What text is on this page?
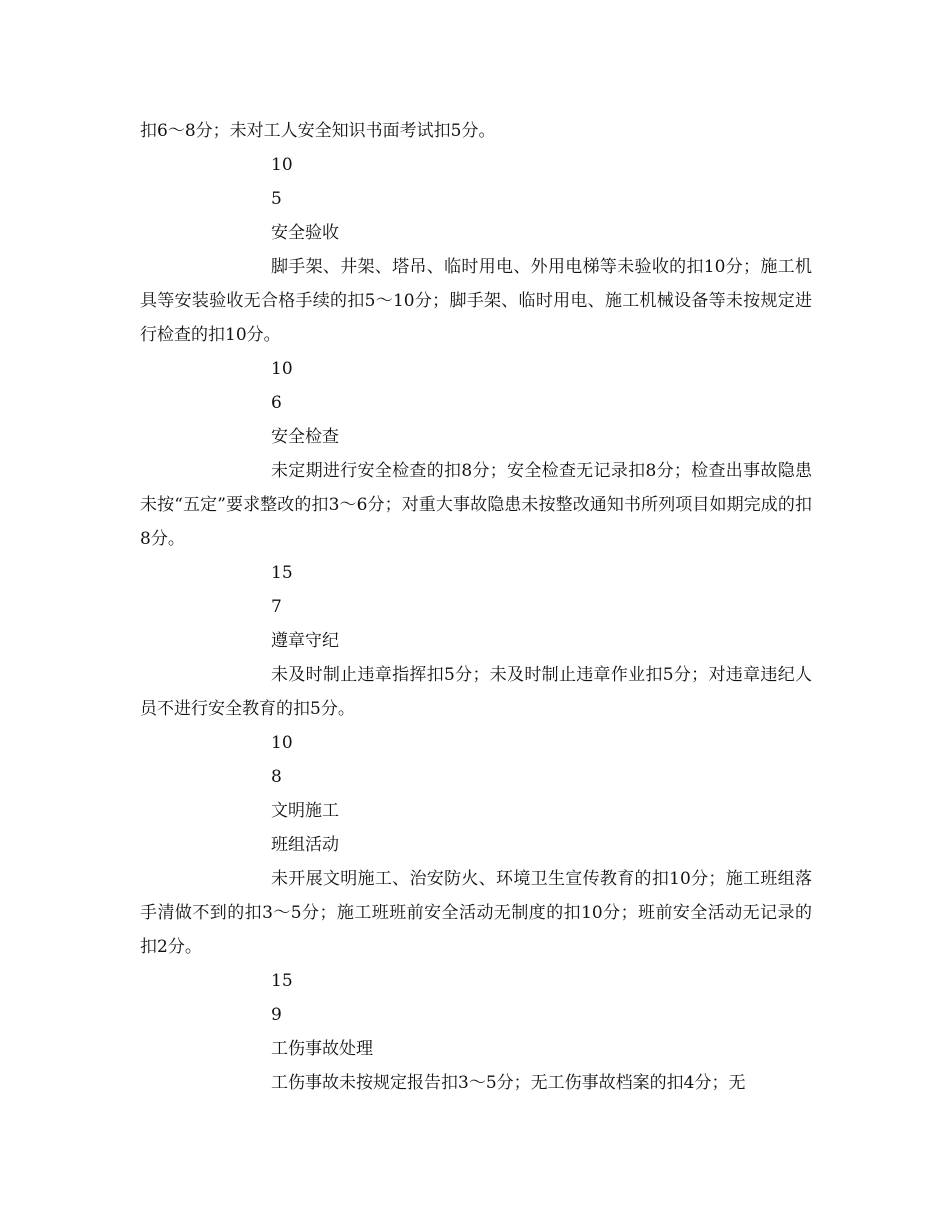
扣6～8分；未对工人安全知识书面考试扣5分。
10
5
安全验收
脚手架、井架、塔吊、临时用电、外用电梯等未验收的扣10分；施工机具等安装验收无合格手续的扣5～10分；脚手架、临时用电、施工机械设备等未按规定进行检查的扣10分。
10
6
安全检查
未定期进行安全检查的扣8分；安全检查无记录扣8分；检查出事故隐患未按“五定”要求整改的扣3～6分；对重大事故隐患未按整改通知书所列项目如期完成的扣8分。
15
7
遵章守纪
未及时制止违章指挥扣5分；未及时制止违章作业扣5分；对违章违纪人员不进行安全教育的扣5分。
10
8
文明施工
班组活动
未开展文明施工、治安防火、环境卫生宣传教育的扣10分；施工班组落手清做不到的扣3～5分；施工班班前安全活动无制度的扣10分；班前安全活动无记录的扣2分。
15
9
工伤事故处理
工伤事故未按规定报告扣3～5分；无工伤事故档案的扣4分；无
